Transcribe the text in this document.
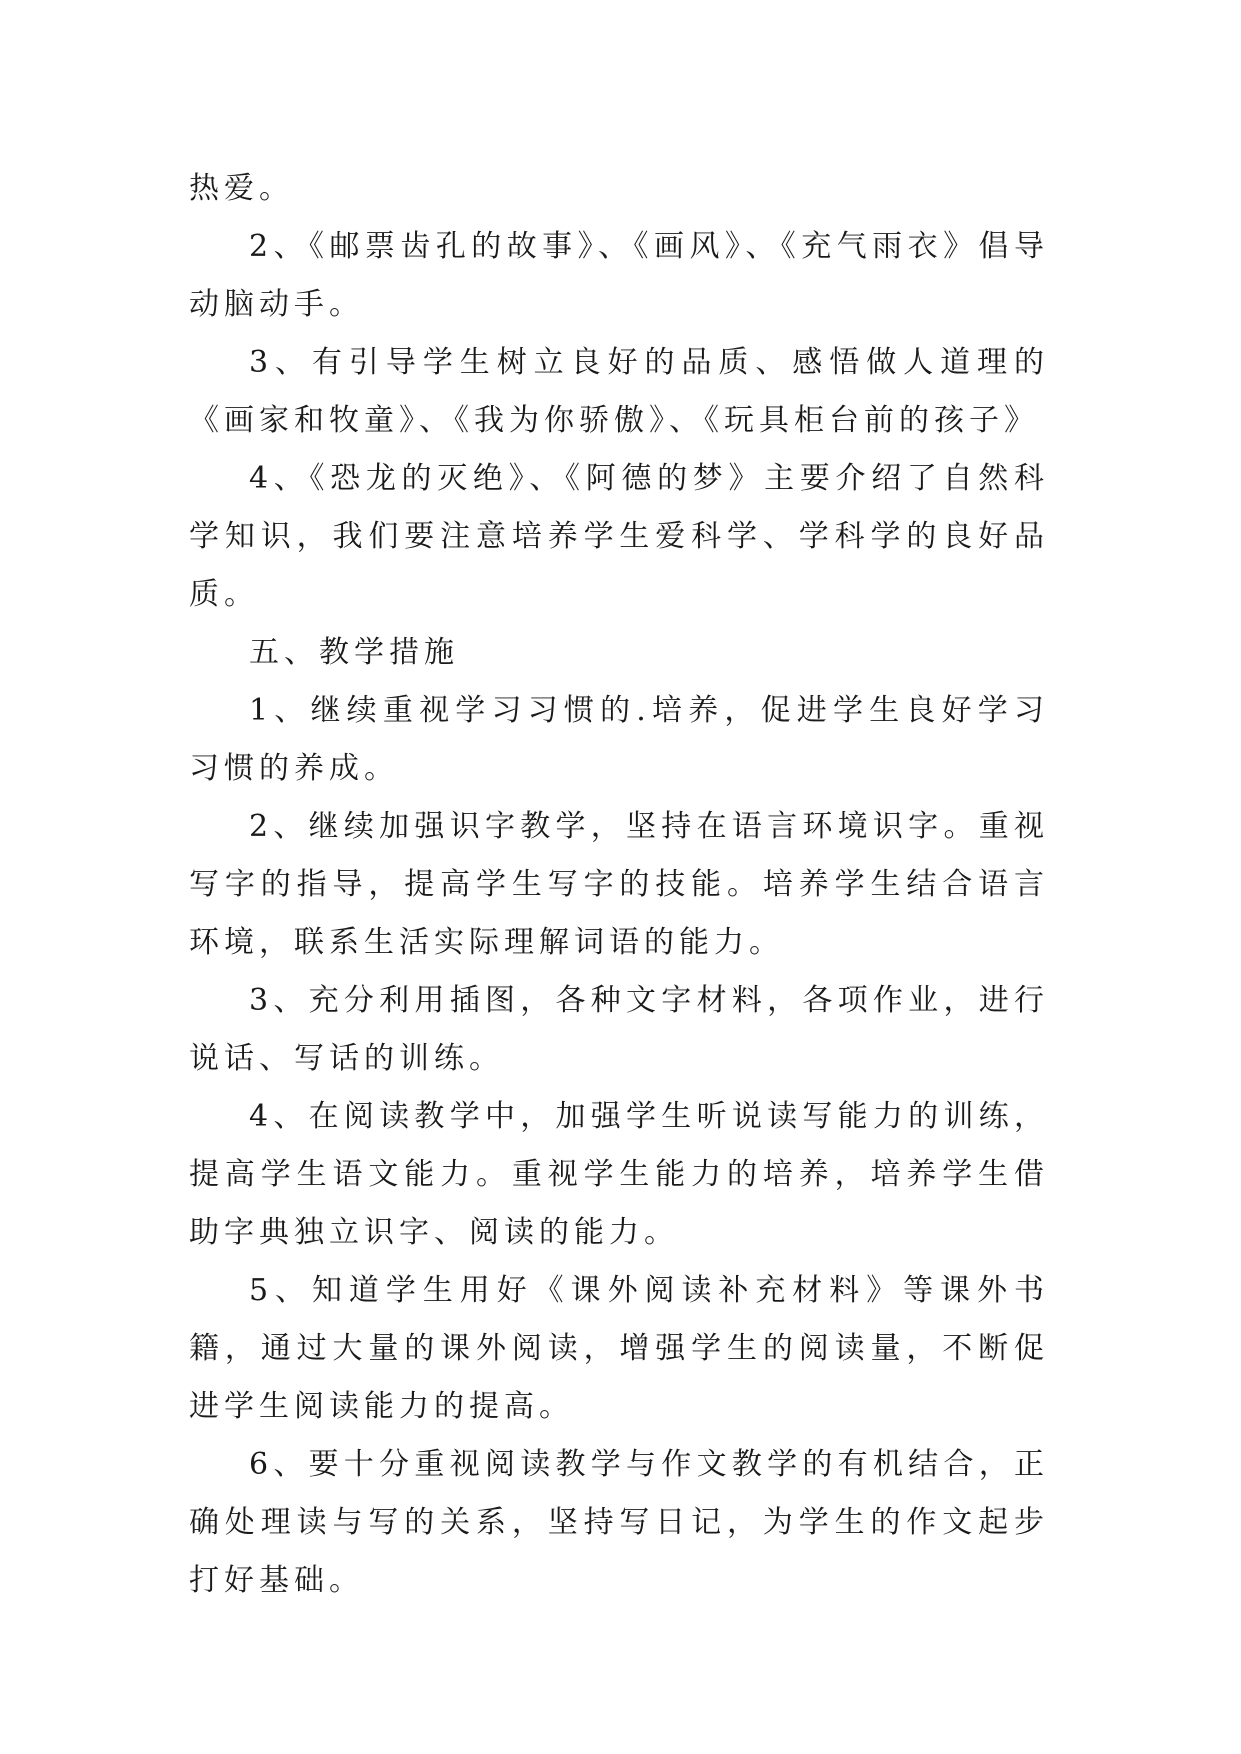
热爱。

2、《邮票齿孔的故事》、《画风》、《充气雨衣》倡导动脑动手。

3、有引导学生树立良好的品质、感悟做人道理的《画家和牧童》、《我为你骄傲》、《玩具柜台前的孩子》

4、《恐龙的灭绝》、《阿德的梦》主要介绍了自然科学知识，我们要注意培养学生爱科学、学科学的良好品质。

五、教学措施

1、继续重视学习习惯的.培养，促进学生良好学习习惯的养成。

2、继续加强识字教学，坚持在语言环境识字。重视写字的指导，提高学生写字的技能。培养学生结合语言环境，联系生活实际理解词语的能力。

3、充分利用插图，各种文字材料，各项作业，进行说话、写话的训练。

4、在阅读教学中，加强学生听说读写能力的训练，提高学生语文能力。重视学生能力的培养，培养学生借助字典独立识字、阅读的能力。

5、知道学生用好《课外阅读补充材料》等课外书籍，通过大量的课外阅读，增强学生的阅读量，不断促进学生阅读能力的提高。

6、要十分重视阅读教学与作文教学的有机结合，正确处理读与写的关系，坚持写日记，为学生的作文起步打好基础。
